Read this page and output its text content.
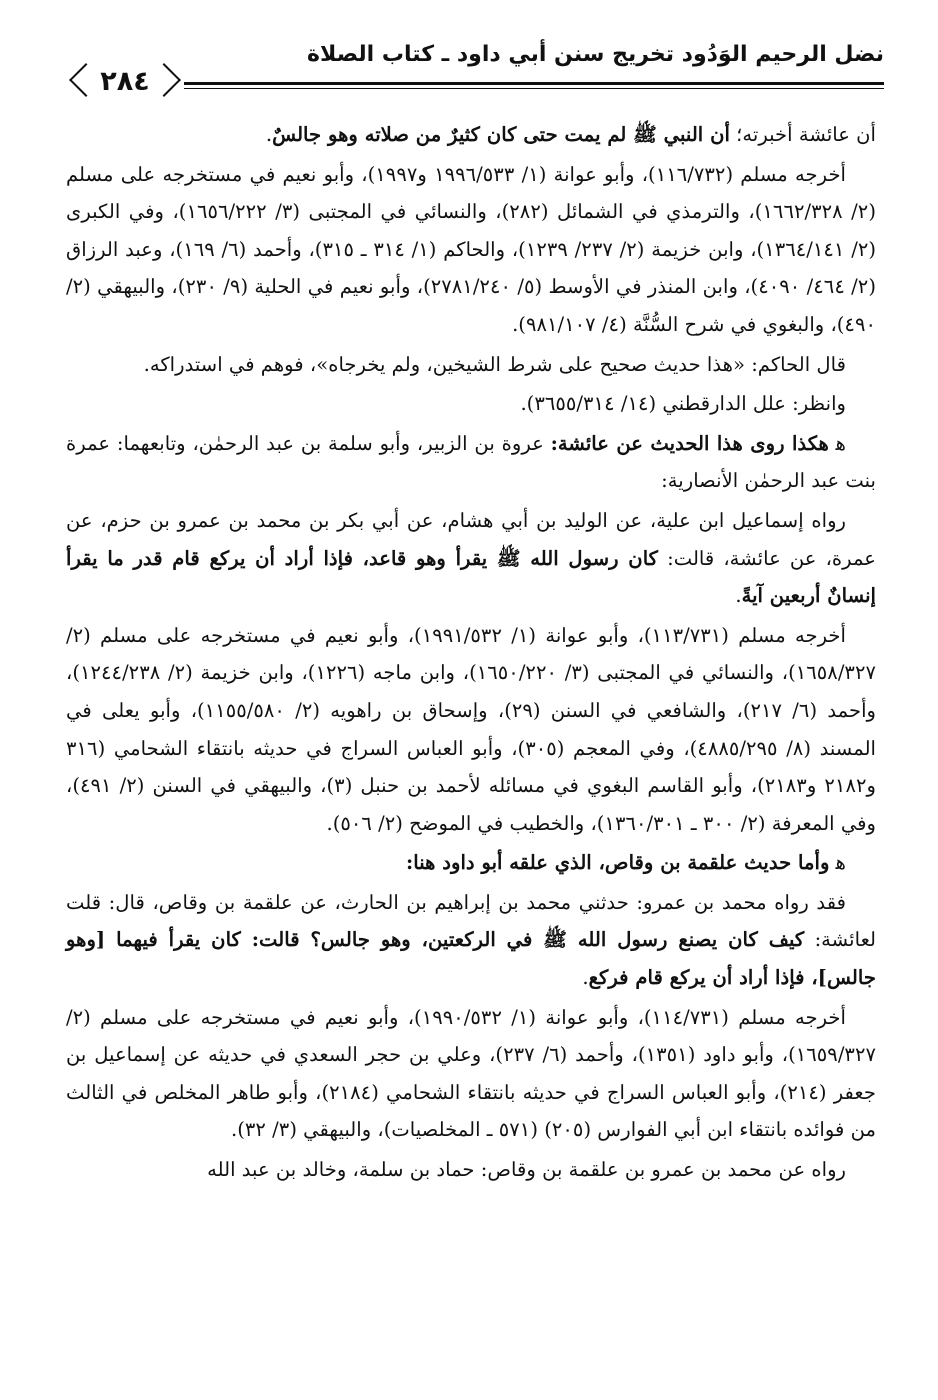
٢٨٤
نضل الرحيم الوَدُود تخريج سنن أبي داود ـ كتاب الصلاة

أن عائشة أخبرته؛ أن النبي ﷺ لم يمت حتى كان كثيرٌ من صلاته وهو جالسٌ.

أخرجه مسلم (١١٦/٧٣٢)، وأبو عوانة (١/ ١٩٩٦/٥٣٣ و١٩٩٧)، وأبو نعيم في مستخرجه على مسلم (٢/ ١٦٦٢/٣٢٨)، والترمذي في الشمائل (٢٨٢)، والنسائي في المجتبى (٣/ ١٦٥٦/٢٢٢)، وفي الكبرى (٢/ ١٣٦٤/١٤١)، وابن خزيمة (٢/ ٢٣٧/ ١٢٣٩)، والحاكم (١/ ٣١٤ ـ ٣١٥)، وأحمد (٦/ ١٦٩)، وعبد الرزاق (٢/ ٤٦٤/ ٤٠٩٠)، وابن المنذر في الأوسط (٥/ ٢٧٨١/٢٤٠)، وأبو نعيم في الحلية (٩/ ٢٣٠)، والبيهقي (٢/ ٤٩٠)، والبغوي في شرح السُّنَّة (٤/ ٩٨١/١٠٧).

قال الحاكم: «هذا حديث صحيح على شرط الشيخين، ولم يخرجاه»، فوهم في استدراكه.

وانظر: علل الدارقطني (١٤/ ٣٦٥٥/٣١٤).

ﻫ هكذا روى هذا الحديث عن عائشة: عروة بن الزبير، وأبو سلمة بن عبد الرحمٰن، وتابعهما: عمرة بنت عبد الرحمٰن الأنصارية:

رواه إسماعيل ابن علية، عن الوليد بن أبي هشام، عن أبي بكر بن محمد بن عمرو بن حزم، عن عمرة، عن عائشة، قالت: كان رسول الله ﷺ يقرأ وهو قاعد، فإذا أراد أن يركع قام قدر ما يقرأ إنسانٌ أربعين آيةً.

أخرجه مسلم (١١٣/٧٣١)، وأبو عوانة (١/ ١٩٩١/٥٣٢)، وأبو نعيم في مستخرجه على مسلم (٢/ ١٦٥٨/٣٢٧)، والنسائي في المجتبى (٣/ ١٦٥٠/٢٢٠)، وابن ماجه (١٢٢٦)، وابن خزيمة (٢/ ١٢٤٤/٢٣٨)، وأحمد (٦/ ٢١٧)، والشافعي في السنن (٢٩)، وإسحاق بن راهويه (٢/ ١١٥٥/٥٨٠)، وأبو يعلى في المسند (٨/ ٤٨٨٥/٢٩٥)، وفي المعجم (٣٠٥)، وأبو العباس السراج في حديثه بانتقاء الشحامي (٣١٦ و٢١٨٢ و٢١٨٣)، وأبو القاسم البغوي في مسائله لأحمد بن حنبل (٣)، والبيهقي في السنن (٢/ ٤٩١)، وفي المعرفة (٢/ ٣٠٠ ـ ١٣٦٠/٣٠١)، والخطيب في الموضح (٢/ ٥٠٦).

ﻫ وأما حديث علقمة بن وقاص، الذي علقه أبو داود هنا:

فقد رواه محمد بن عمرو: حدثني محمد بن إبراهيم بن الحارث، عن علقمة بن وقاص، قال: قلت لعائشة: كيف كان يصنع رسول الله ﷺ في الركعتين، وهو جالس؟ قالت: كان يقرأ فيهما [وهو جالس]، فإذا أراد أن يركع قام فركع.

أخرجه مسلم (١١٤/٧٣١)، وأبو عوانة (١/ ١٩٩٠/٥٣٢)، وأبو نعيم في مستخرجه على مسلم (٢/ ١٦٥٩/٣٢٧)، وأبو داود (١٣٥١)، وأحمد (٦/ ٢٣٧)، وعلي بن حجر السعدي في حديثه عن إسماعيل بن جعفر (٢١٤)، وأبو العباس السراج في حديثه بانتقاء الشحامي (٢١٨٤)، وأبو طاهر المخلص في الثالث من فوائده بانتقاء ابن أبي الفوارس (٢٠٥) (٥٧١ ـ المخلصيات)، والبيهقي (٣/ ٣٢).

رواه عن محمد بن عمرو بن علقمة بن وقاص: حماد بن سلمة، وخالد بن عبد الله
